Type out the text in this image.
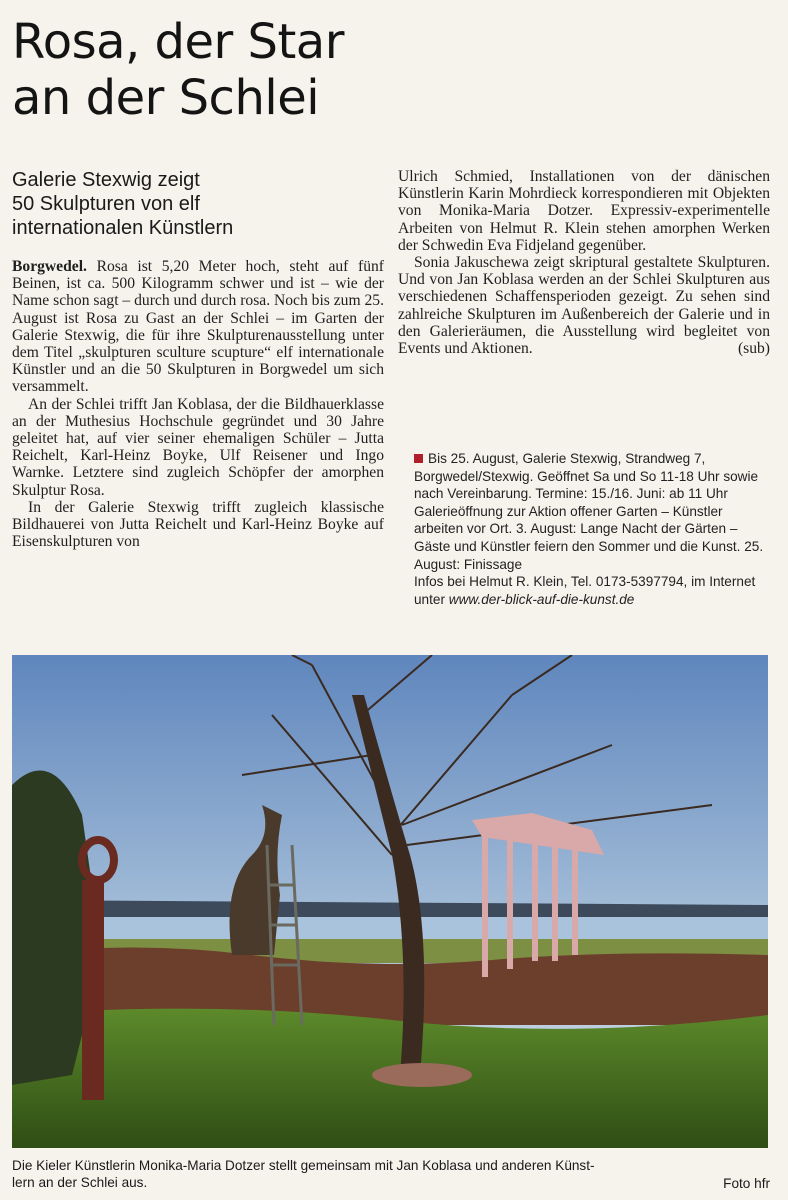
Rosa, der Star
an der Schlei
Galerie Stexwig zeigt
50 Skulpturen von elf
internationalen Künstlern

Borgwedel. Rosa ist 5,20 Meter hoch, steht auf fünf Beinen, ist ca. 500 Kilogramm schwer und ist – wie der Name schon sagt – durch und durch rosa. Noch bis zum 25. August ist Rosa zu Gast an der Schlei – im Garten der Galerie Stexwig, die für ihre Skulpturenausstellung unter dem Titel „skulpturen sculture scupture“ elf internationale Künstler und an die 50 Skulpturen in Borgwedel um sich versammelt.

An der Schlei trifft Jan Koblasa, der die Bildhauerklasse an der Muthesius Hochschule gegründet und 30 Jahre geleitet hat, auf vier seiner ehemaligen Schüler – Jutta Reichelt, Karl-Heinz Boyke, Ulf Reisener und Ingo Warnke. Letztere sind zugleich Schöpfer der amorphen Skulptur Rosa.

In der Galerie Stexwig trifft zugleich klassische Bildhauerei von Jutta Reichelt und Karl-Heinz Boyke auf Eisenskulpturen von

Ulrich Schmied, Installationen von der dänischen Künstlerin Karin Mohrdieck korrespondieren mit Objekten von Monika-Maria Dotzer. Expressiv-experimentelle Arbeiten von Helmut R. Klein stehen amorphen Werken der Schwedin Eva Fidjeland gegenüber.

Sonia Jakuschewa zeigt skriptural gestaltete Skulpturen. Und von Jan Koblasa werden an der Schlei Skulpturen aus verschiedenen Schaffensperioden gezeigt. Zu sehen sind zahlreiche Skulpturen im Außenbereich der Galerie und in den Galerieräumen, die Ausstellung wird begleitet von Events und Aktionen.	(sub)

Bis 25. August, Galerie Stexwig, Strandweg 7, Borgwedel/Stexwig. Geöffnet Sa und So 11-18 Uhr sowie nach Vereinbarung. Termine: 15./16. Juni: ab 11 Uhr Galerieöffnung zur Aktion offener Garten – Künstler arbeiten vor Ort. 3. August: Lange Nacht der Gärten – Gäste und Künstler feiern den Sommer und die Kunst. 25. August: Finissage

Infos bei Helmut R. Klein, Tel. 0173-5397794, im Internet unter www.der-blick-auf-die-kunst.de

Die Kieler Künstlerin Monika-Maria Dotzer stellt gemeinsam mit Jan Koblasa und anderen Künst-
lern an der Schlei aus.	Foto hfr
